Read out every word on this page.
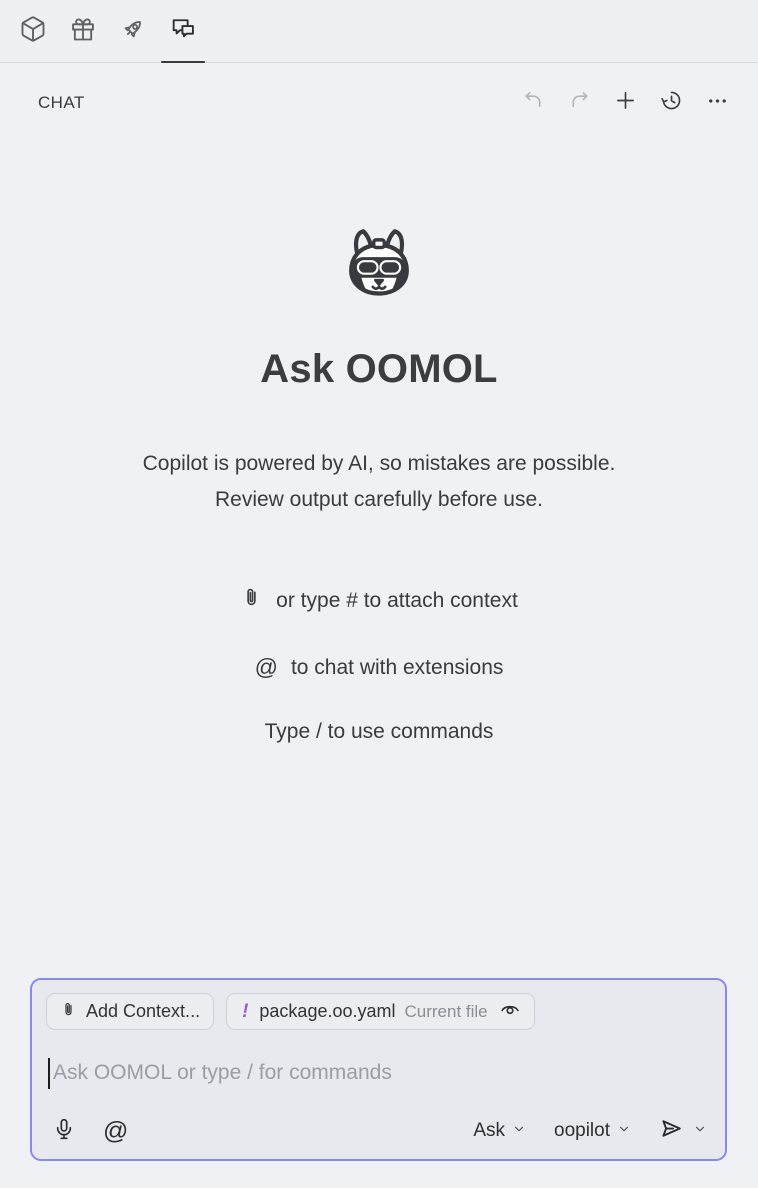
CHAT
Ask OOMOL
Copilot is powered by AI, so mistakes are possible.
Review output carefully before use.
or type # to attach context
@ to chat with extensions
Type / to use commands
Add Context... ! package.oo.yaml Current file
Ask OOMOL or type / for commands
@	Ask	oopilot
